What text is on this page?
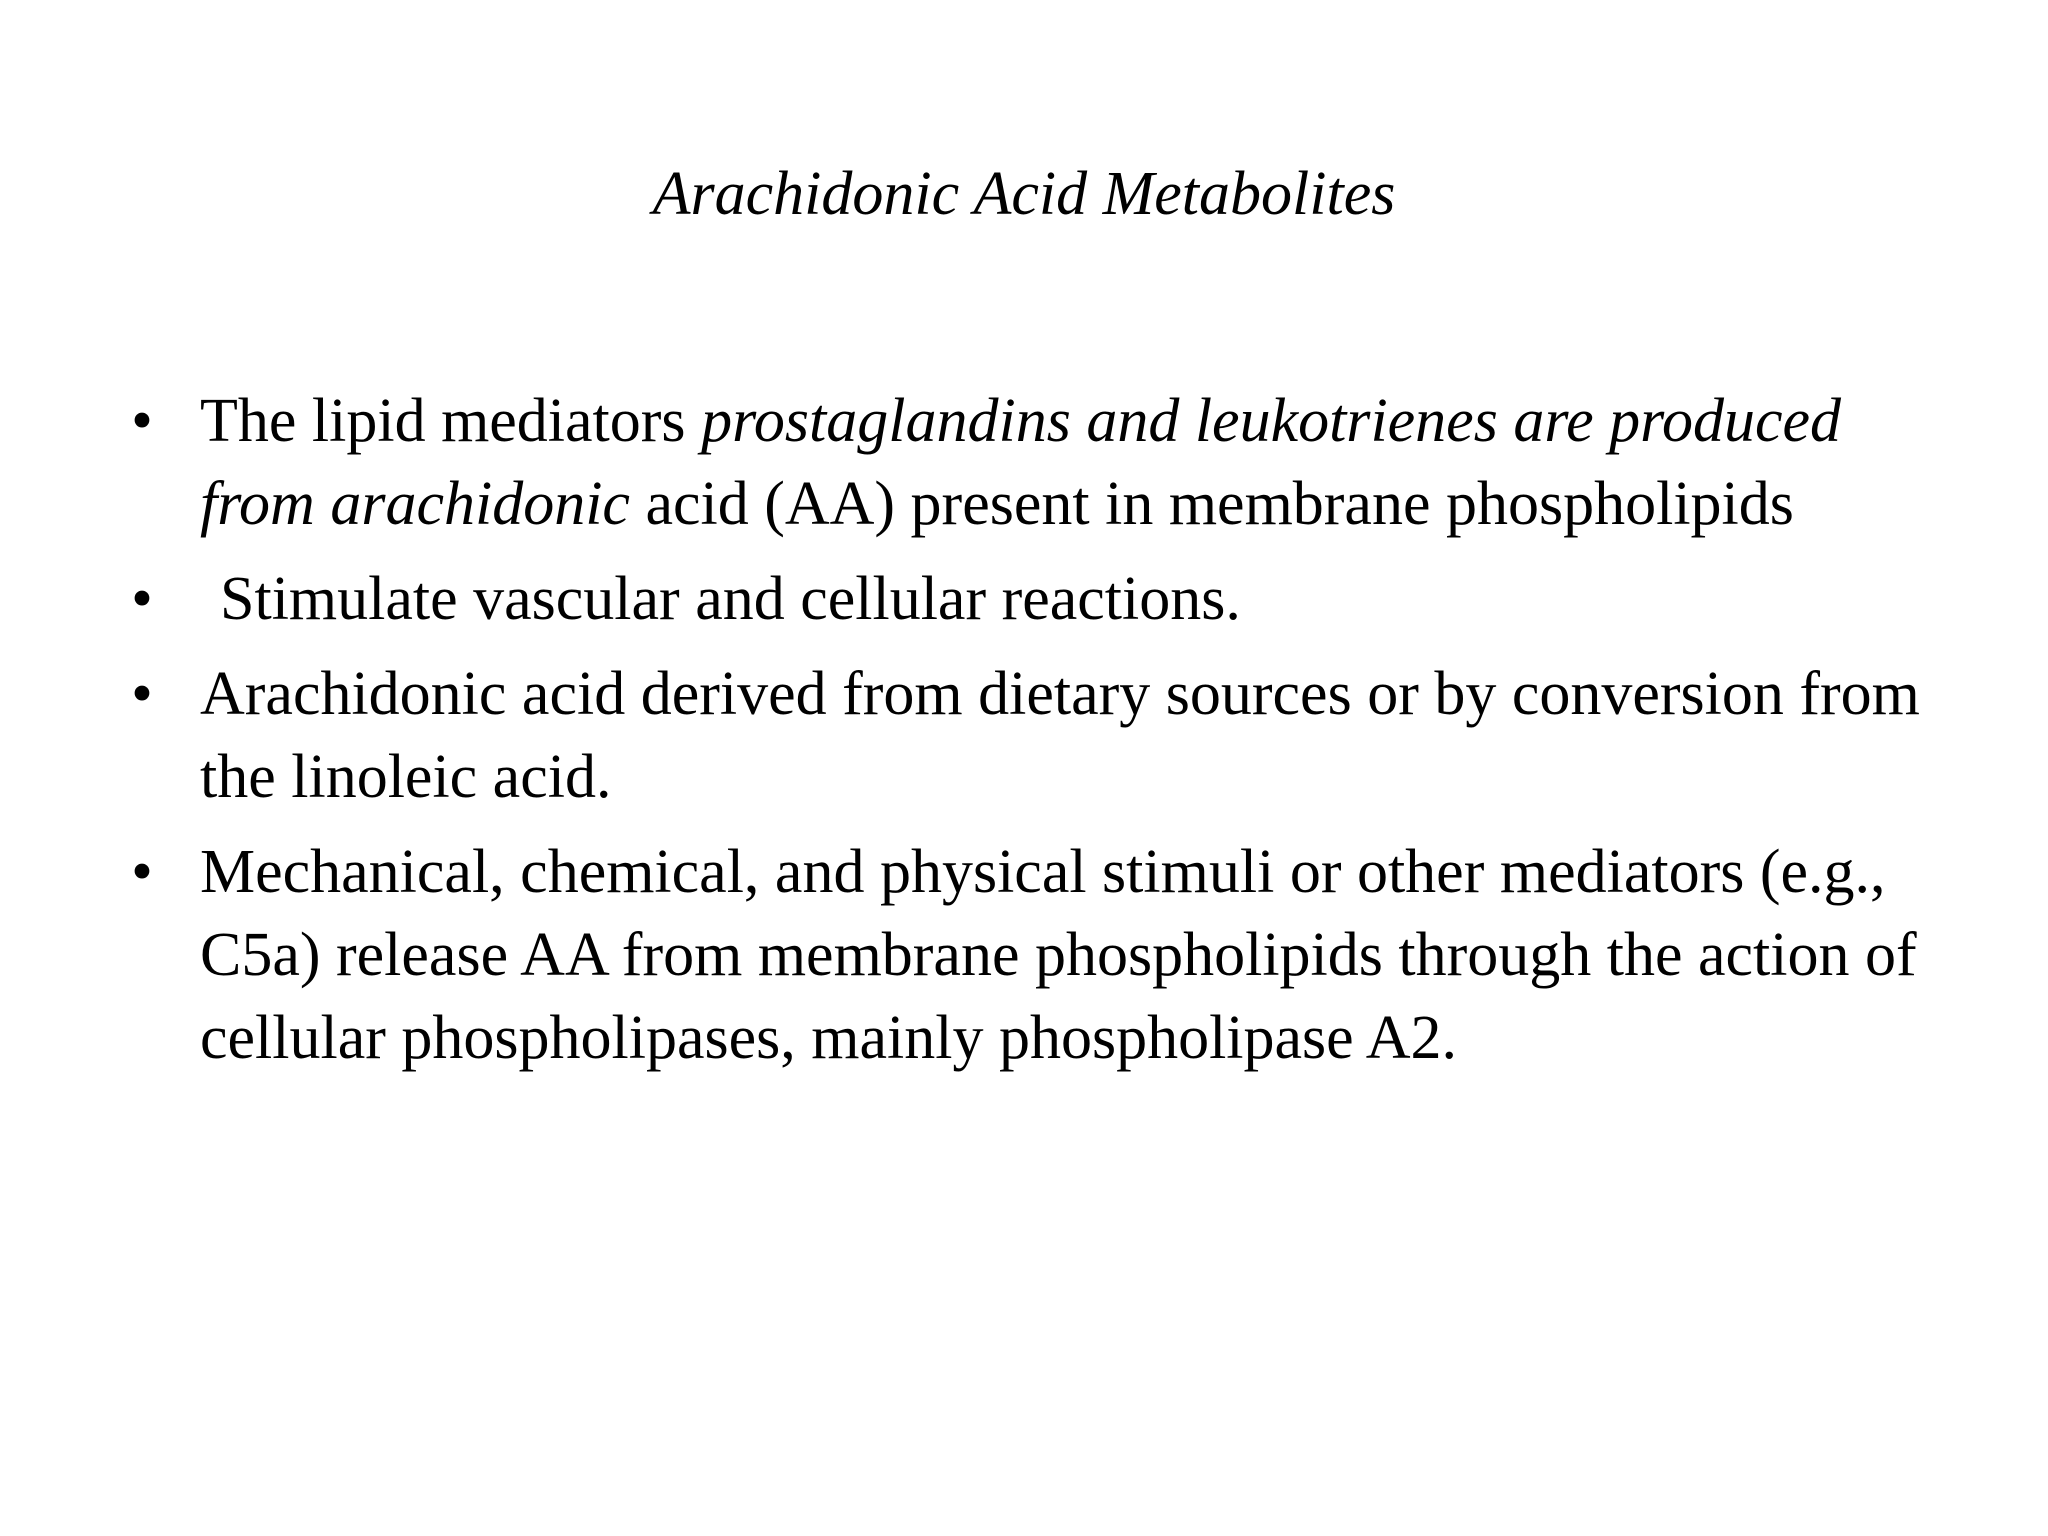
Arachidonic Acid Metabolites
• The lipid mediators prostaglandins and leukotrienes are produced from arachidonic acid (AA) present in membrane phospholipids
• Stimulate vascular and cellular reactions.
• Arachidonic acid derived from dietary sources or by conversion from the linoleic acid.
• Mechanical, chemical, and physical stimuli or other mediators (e.g., C5a) release AA from membrane phospholipids through the action of cellular phospholipases, mainly phospholipase A2.
